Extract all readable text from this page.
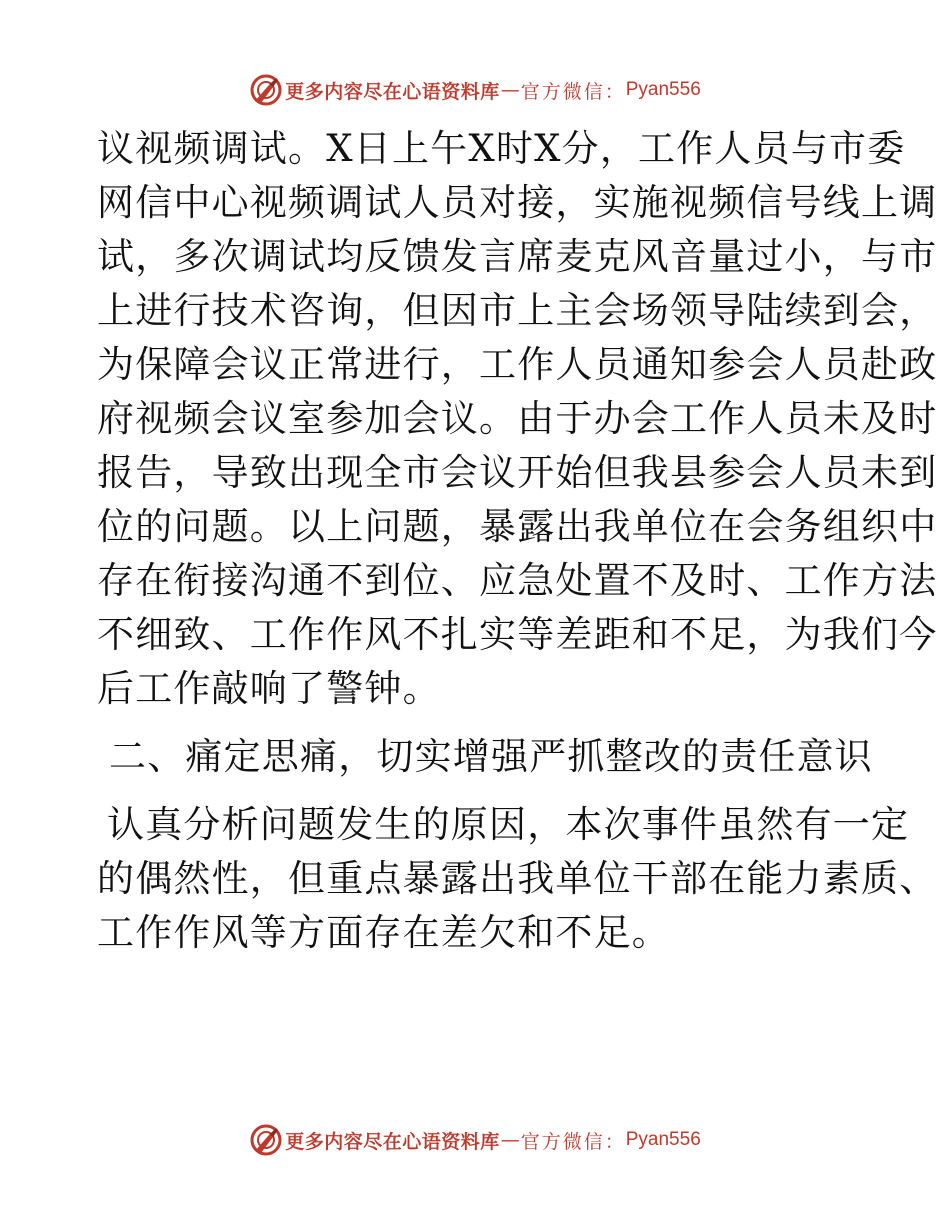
更多内容尽在心语资料库 — 官方微信： Pyan556
议视频调试。X日上午X时X分，工作人员与市委
网信中心视频调试人员对接，实施视频信号线上调
试，多次调试均反馈发言席麦克风音量过小，与市
上进行技术咨询，但因市上主会场领导陆续到会，
为保障会议正常进行，工作人员通知参会人员赴政
府视频会议室参加会议。由于办会工作人员未及时
报告，导致出现全市会议开始但我县参会人员未到
位的问题。以上问题，暴露出我单位在会务组织中
存在衔接沟通不到位、应急处置不及时、工作方法
不细致、工作作风不扎实等差距和不足，为我们今
后工作敲响了警钟。
二、痛定思痛，切实增强严抓整改的责任意识
认真分析问题发生的原因，本次事件虽然有一定
的偶然性，但重点暴露出我单位干部在能力素质、
工作作风等方面存在差欠和不足。
更多内容尽在心语资料库 — 官方微信： Pyan556
